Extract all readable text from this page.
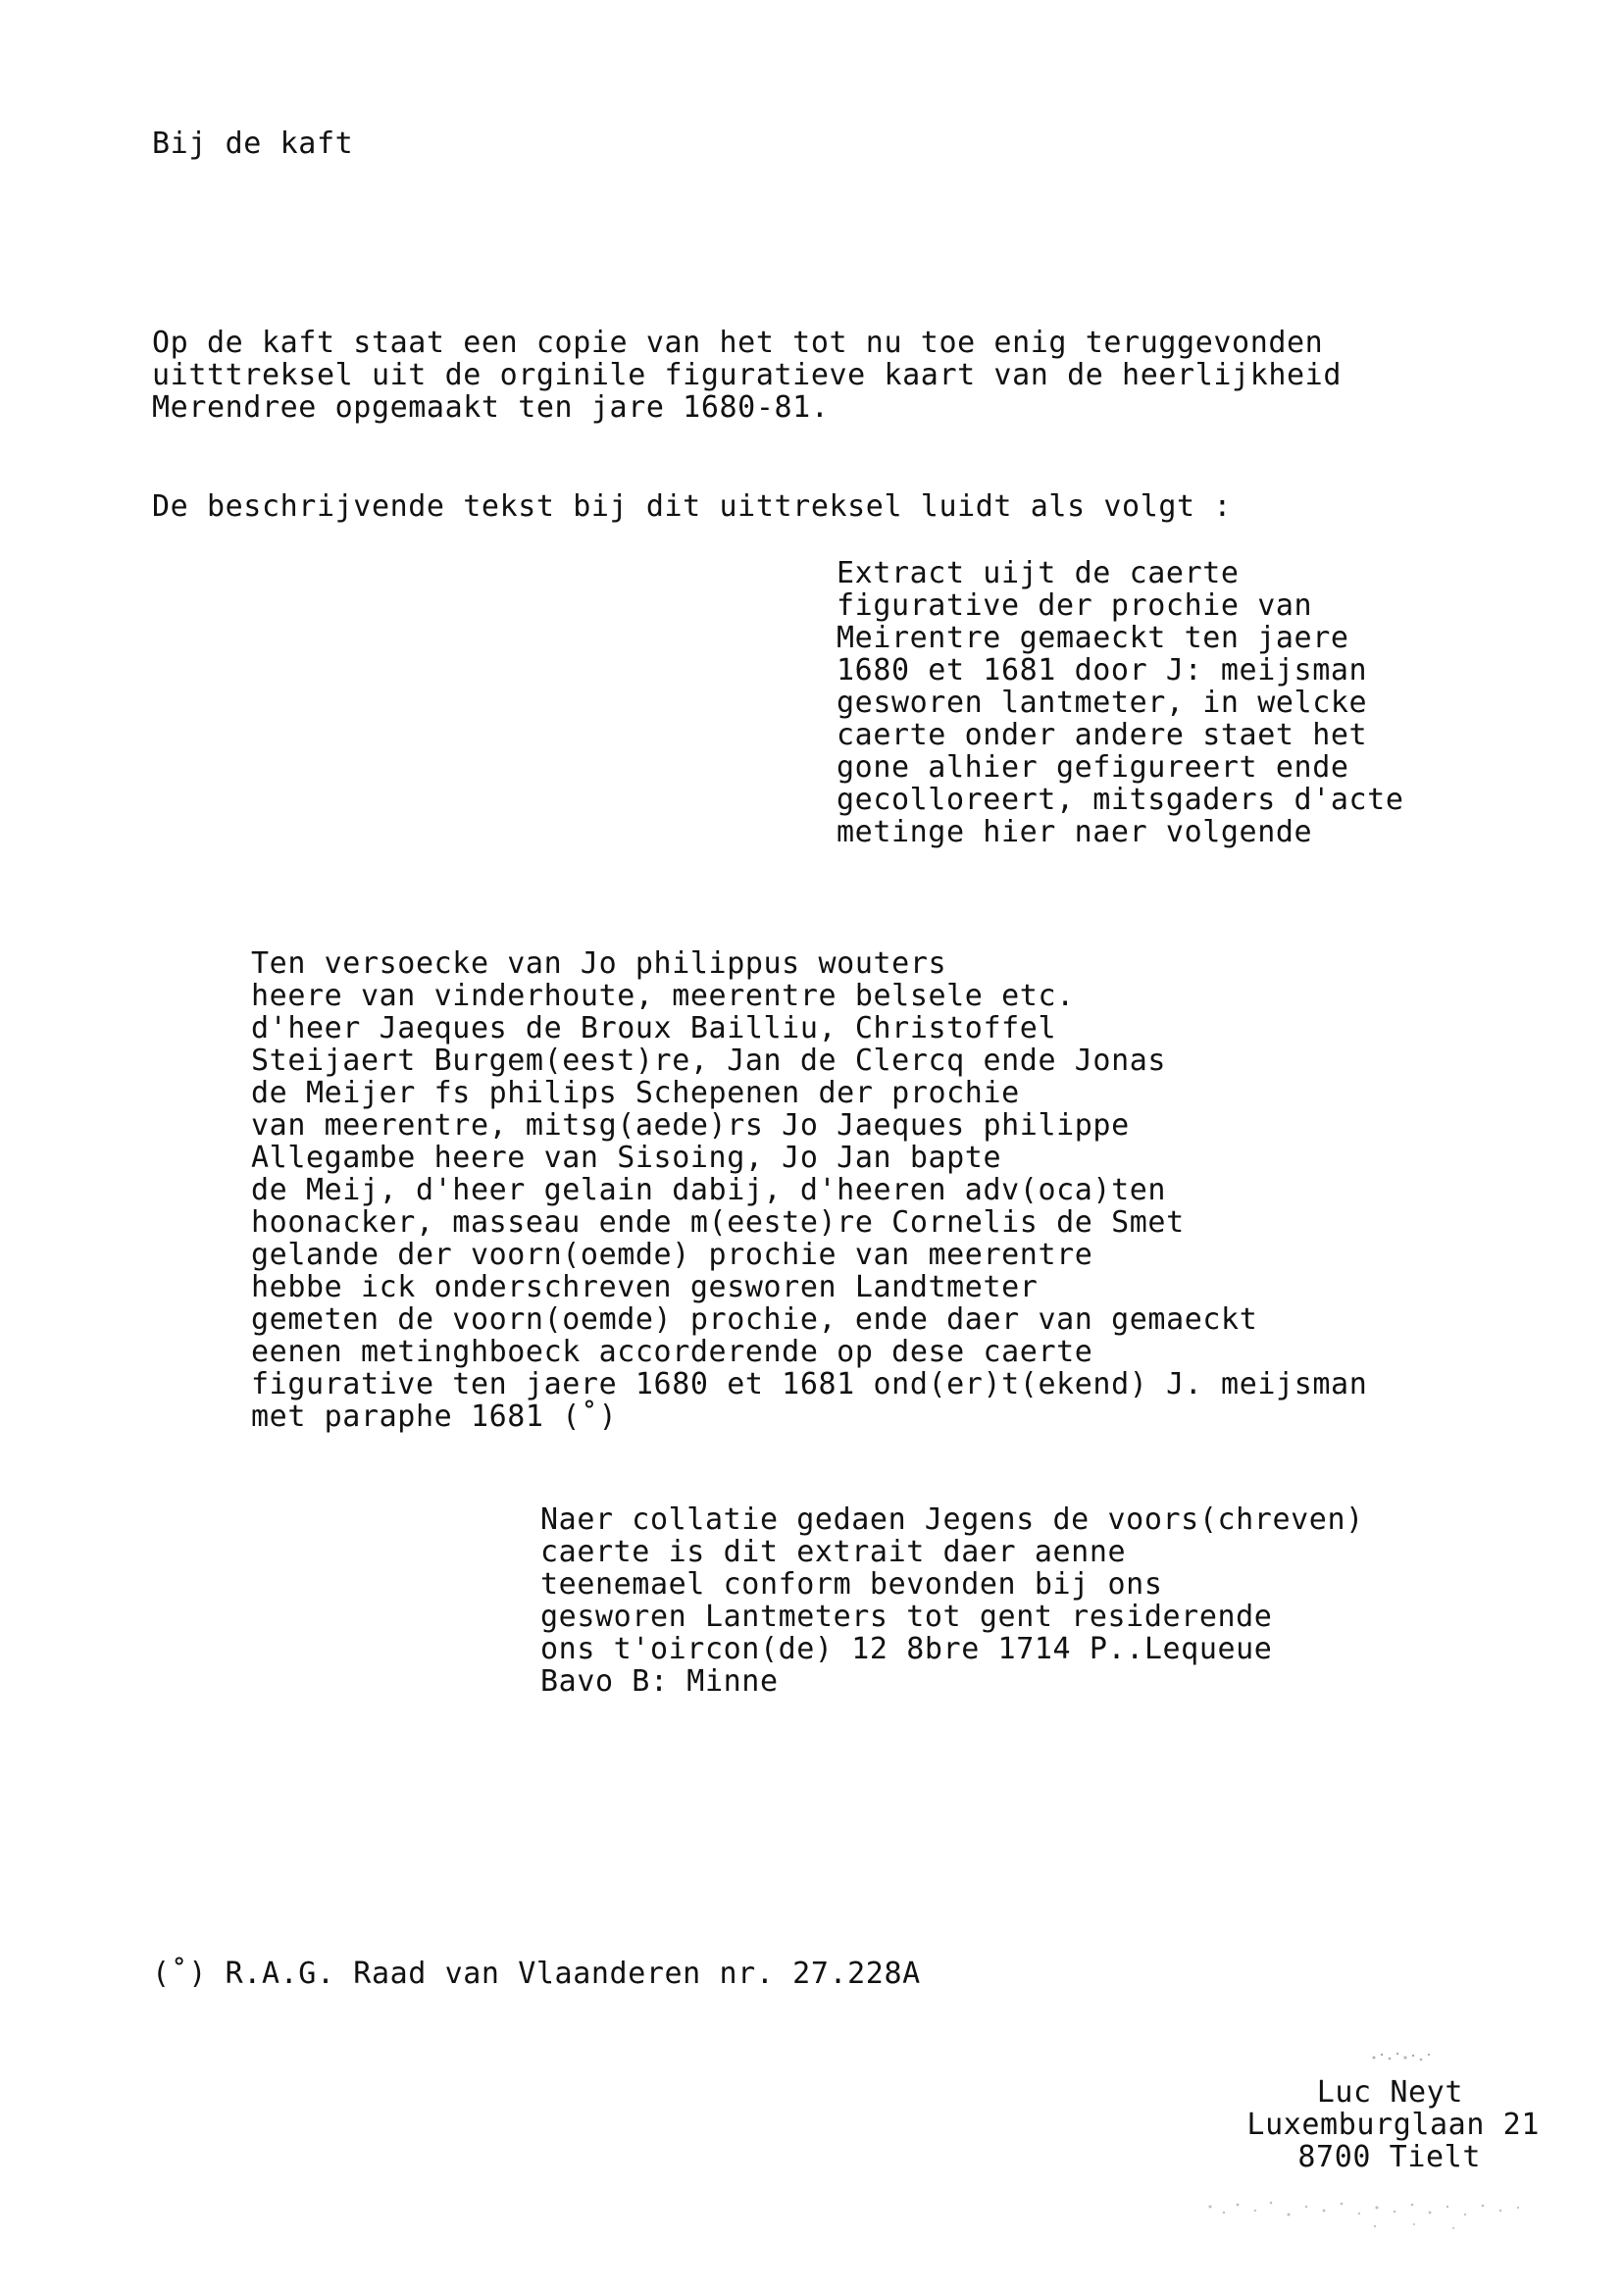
Bij de kaft
Op de kaft staat een copie van het tot nu toe enig teruggevonden
uitttreksel uit de orginile figuratieve kaart van de heerlijkheid
Merendree opgemaakt ten jare 1680-81.
De beschrijvende tekst bij dit uittreksel luidt als volgt :
Extract uijt de caerte
figurative der prochie van
Meirentre gemaeckt ten jaere
1680 et 1681 door J: meijsman
gesworen lantmeter, in welcke
caerte onder andere staet het
gone alhier gefigureert ende
gecolloreert, mitsgaders d'acte
metinge hier naer volgende
Ten versoecke van Jo philippus wouters
heere van vinderhoute, meerentre belsele etc.
d'heer Jaeques de Broux Bailliu, Christoffel
Steijaert Burgem(eest)re, Jan de Clercq ende Jonas
de Meijer fs philips Schepenen der prochie
van meerentre, mitsg(aede)rs Jo Jaeques philippe
Allegambe heere van Sisoing, Jo Jan bapte
de Meij, d'heer gelain dabij, d'heeren adv(oca)ten
hoonacker, masseau ende m(eeste)re Cornelis de Smet
gelande der voorn(oemde) prochie van meerentre
hebbe ick onderschreven gesworen Landtmeter
gemeten de voorn(oemde) prochie, ende daer van gemaeckt
eenen metinghboeck accorderende op dese caerte
figurative ten jaere 1680 et 1681 ond(er)t(ekend) J. meijsman
met paraphe 1681 (˚)
Naer collatie gedaen Jegens de voors(chreven)
caerte is dit extrait daer aenne
teenemael conform bevonden bij ons
gesworen Lantmeters tot gent residerende
ons t'oircon(de) 12 8bre 1714 P..Lequeue
Bavo B: Minne
(˚) R.A.G. Raad van Vlaanderen nr. 27.228A
Luc Neyt
Luxemburglaan 21
8700 Tielt
